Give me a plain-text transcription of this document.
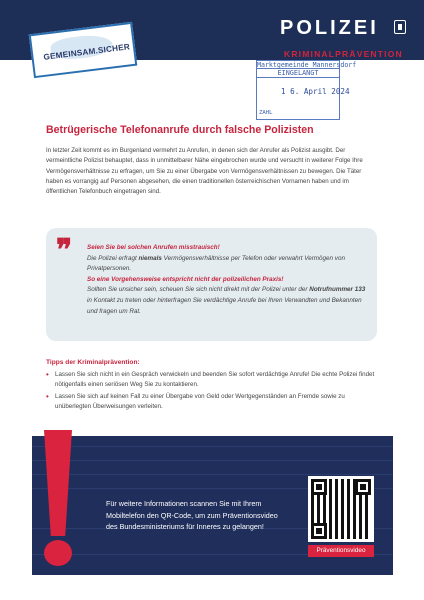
POLIZEI
KRIMINALPRÄVENTION
GEMEINSAM.SICHER
Marktgemeinde Mannersdorf
EINGELANGT
1 6. April 2024
ZAHL
Betrügerische Telefonanrufe durch falsche Polizisten

In letzter Zeit kommt es im Burgenland vermehrt zu Anrufen, in denen sich der Anrufer als Polizist ausgibt. Der vermeintliche Polizist behauptet, dass in unmittelbarer Nähe eingebrochen wurde und versucht in weiterer Folge Ihre Vermögensverhältnisse zu erfragen, um Sie zu einer Übergabe von Vermögensverhältnissen zu bewegen. Die Täter haben es vorrangig auf Personen abgesehen, die einen traditionellen österreichischen Vornamen haben und im öffentlichen Telefonbuch eingetragen sind.

❞ Seien Sie bei solchen Anrufen misstrauisch!
Die Polizei erfragt niemals Vermögensverhältnisse per Telefon oder verwahrt Vermögen von Privatpersonen.
So eine Vorgehensweise entspricht nicht der polizeilichen Praxis!
Sollten Sie unsicher sein, scheuen Sie sich nicht direkt mit der Polizei unter der Notrufnummer 133 in Kontakt zu treten oder hinterfragen Sie verdächtige Anrufe bei Ihren Verwandten und Bekannten und fragen um Rat.
Tipps der Kriminalprävention:
• Lassen Sie sich nicht in ein Gespräch verwickeln und beenden Sie sofort verdächtige Anrufe! Die echte Polizei findet nötigenfalls einen seriösen Weg Sie zu kontaktieren.
• Lassen Sie sich auf keinen Fall zu einer Übergabe von Geld oder Wertgegenständen an Fremde sowie zu unüberlegten Überweisungen verleiten.

Für weitere Informationen scannen Sie mit Ihrem Mobiltelefon den QR-Code, um zum Präventionsvideo des Bundesministeriums für Inneres zu gelangen!

Präventionsvideo
